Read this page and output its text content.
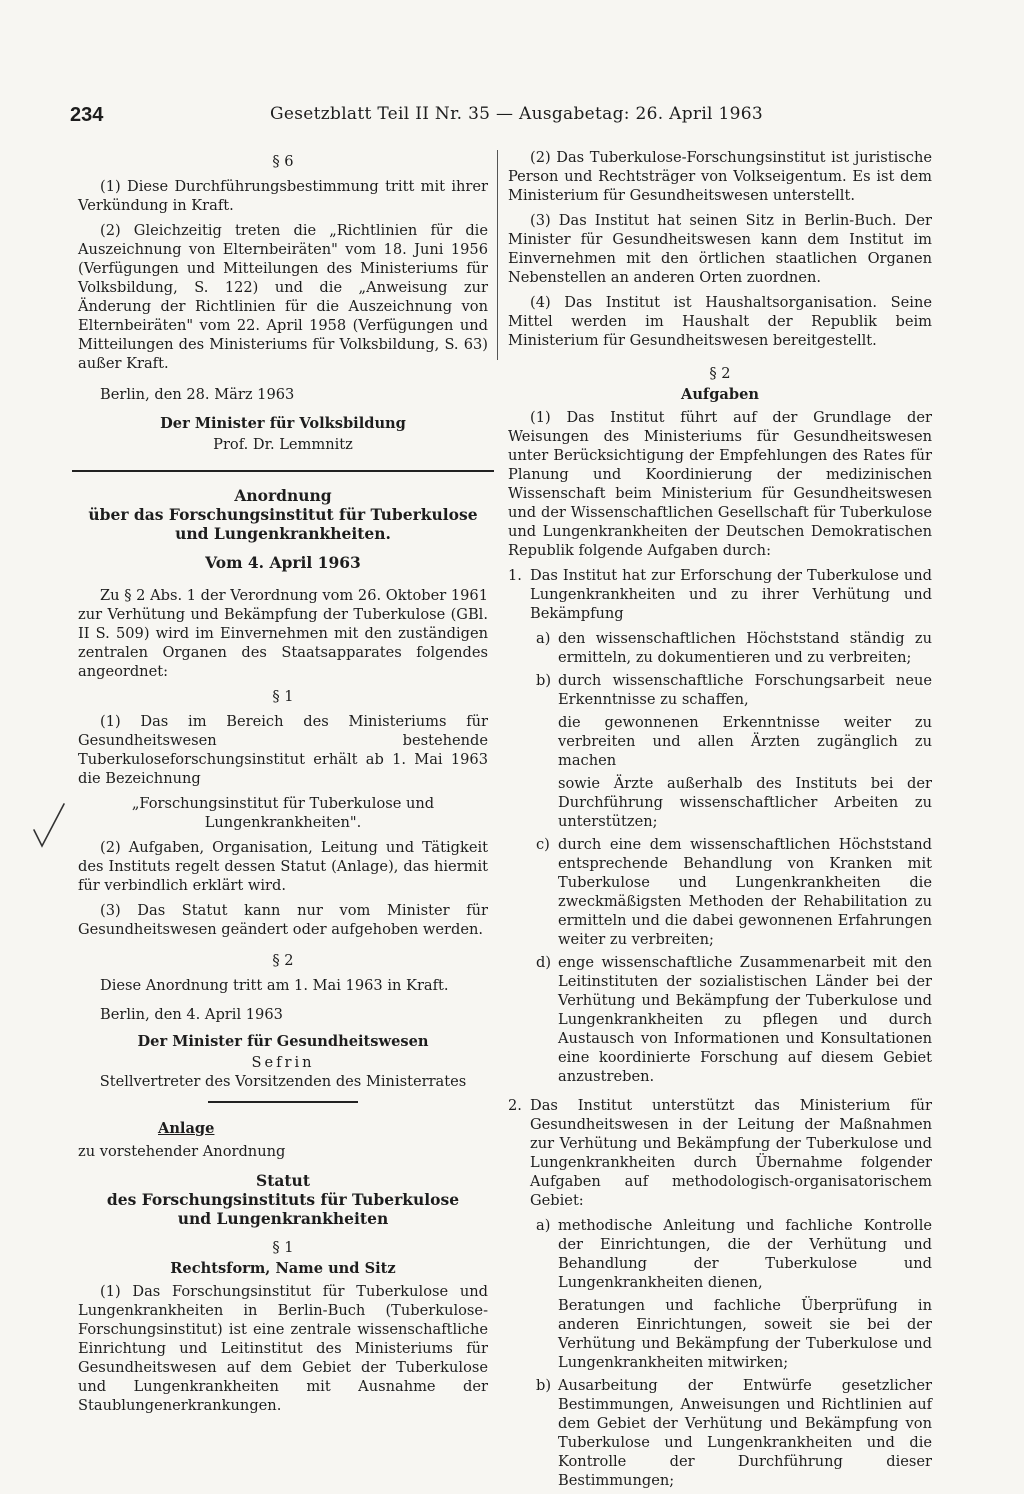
234	Gesetzblatt Teil II Nr. 35 — Ausgabetag: 26. April 1963
§ 6

(1) Diese Durchführungsbestimmung tritt mit ihrer Verkündung in Kraft.

(2) Gleichzeitig treten die „Richtlinien für die Auszeichnung von Elternbeiräten" vom 18. Juni 1956 (Verfügungen und Mitteilungen des Ministeriums für Volksbildung, S. 122) und die „Anweisung zur Änderung der Richtlinien für die Auszeichnung von Elternbeiräten" vom 22. April 1958 (Verfügungen und Mitteilungen des Ministeriums für Volksbildung, S. 63) außer Kraft.

Berlin, den 28. März 1963

Der Minister für Volksbildung

Prof. Dr. Lemmnitz

Anordnung
über das Forschungsinstitut für Tuberkulose
und Lungenkrankheiten.
Vom 4. April 1963

Zu § 2 Abs. 1 der Verordnung vom 26. Oktober 1961 zur Verhütung und Bekämpfung der Tuberkulose (GBl. II S. 509) wird im Einvernehmen mit den zuständigen zentralen Organen des Staatsapparates folgendes angeordnet:

§ 1

(1) Das im Bereich des Ministeriums für Gesundheitswesen bestehende Tuberkuloseforschungsinstitut erhält ab 1. Mai 1963 die Bezeichnung

„Forschungsinstitut für Tuberkulose und Lungenkrankheiten".

(2) Aufgaben, Organisation, Leitung und Tätigkeit des Instituts regelt dessen Statut (Anlage), das hiermit für verbindlich erklärt wird.

(3) Das Statut kann nur vom Minister für Gesundheitswesen geändert oder aufgehoben werden.

§ 2

Diese Anordnung tritt am 1. Mai 1963 in Kraft.

Berlin, den 4. April 1963

Der Minister für Gesundheitswesen

Sefrin

Stellvertreter des Vorsitzenden des Ministerrates

Anlage

zu vorstehender Anordnung

Statut
des Forschungsinstituts für Tuberkulose
und Lungenkrankheiten
§ 1
Rechtsform, Name und Sitz

(1) Das Forschungsinstitut für Tuberkulose und Lungenkrankheiten in Berlin-Buch (Tuberkulose-Forschungsinstitut) ist eine zentrale wissenschaftliche Einrichtung und Leitinstitut des Ministeriums für Gesundheitswesen auf dem Gebiet der Tuberkulose und Lungenkrankheiten mit Ausnahme der Staublungenerkrankungen.

(2) Das Tuberkulose-Forschungsinstitut ist juristische Person und Rechtsträger von Volkseigentum. Es ist dem Ministerium für Gesundheitswesen unterstellt.

(3) Das Institut hat seinen Sitz in Berlin-Buch. Der Minister für Gesundheitswesen kann dem Institut im Einvernehmen mit den örtlichen staatlichen Organen Nebenstellen an anderen Orten zuordnen.

(4) Das Institut ist Haushaltsorganisation. Seine Mittel werden im Haushalt der Republik beim Ministerium für Gesundheitswesen bereitgestellt.

§ 2
Aufgaben

(1) Das Institut führt auf der Grundlage der Weisungen des Ministeriums für Gesundheitswesen unter Berücksichtigung der Empfehlungen des Rates für Planung und Koordinierung der medizinischen Wissenschaft beim Ministerium für Gesundheitswesen und der Wissenschaftlichen Gesellschaft für Tuberkulose und Lungenkrankheiten der Deutschen Demokratischen Republik folgende Aufgaben durch:

1. Das Institut hat zur Erforschung der Tuberkulose und Lungenkrankheiten und zu ihrer Verhütung und Bekämpfung
a) den wissenschaftlichen Höchststand ständig zu ermitteln, zu dokumentieren und zu verbreiten;
b) durch wissenschaftliche Forschungsarbeit neue Erkenntnisse zu schaffen,

die gewonnenen Erkenntnisse weiter zu verbreiten und allen Ärzten zugänglich zu machen

sowie Ärzte außerhalb des Instituts bei der Durchführung wissenschaftlicher Arbeiten zu unterstützen;

c) durch eine dem wissenschaftlichen Höchststand entsprechende Behandlung von Kranken mit Tuberkulose und Lungenkrankheiten die zweckmäßigsten Methoden der Rehabilitation zu ermitteln und die dabei gewonnenen Erfahrungen weiter zu verbreiten;
d) enge wissenschaftliche Zusammenarbeit mit den Leitinstituten der sozialistischen Länder bei der Verhütung und Bekämpfung der Tuberkulose und Lungenkrankheiten zu pflegen und durch Austausch von Informationen und Konsultationen eine koordinierte Forschung auf diesem Gebiet anzustreben.
2. Das Institut unterstützt das Ministerium für Gesundheitswesen in der Leitung der Maßnahmen zur Verhütung und Bekämpfung der Tuberkulose und Lungenkrankheiten durch Übernahme folgender Aufgaben auf methodologisch-organisatorischem Gebiet:
a) methodische Anleitung und fachliche Kontrolle der Einrichtungen, die der Verhütung und Behandlung der Tuberkulose und Lungenkrankheiten dienen,

Beratungen und fachliche Überprüfung in anderen Einrichtungen, soweit sie bei der Verhütung und Bekämpfung der Tuberkulose und Lungenkrankheiten mitwirken;

b) Ausarbeitung der Entwürfe gesetzlicher Bestimmungen, Anweisungen und Richtlinien auf dem Gebiet der Verhütung und Bekämpfung von Tuberkulose und Lungenkrankheiten und die Kontrolle der Durchführung dieser Bestimmungen;
